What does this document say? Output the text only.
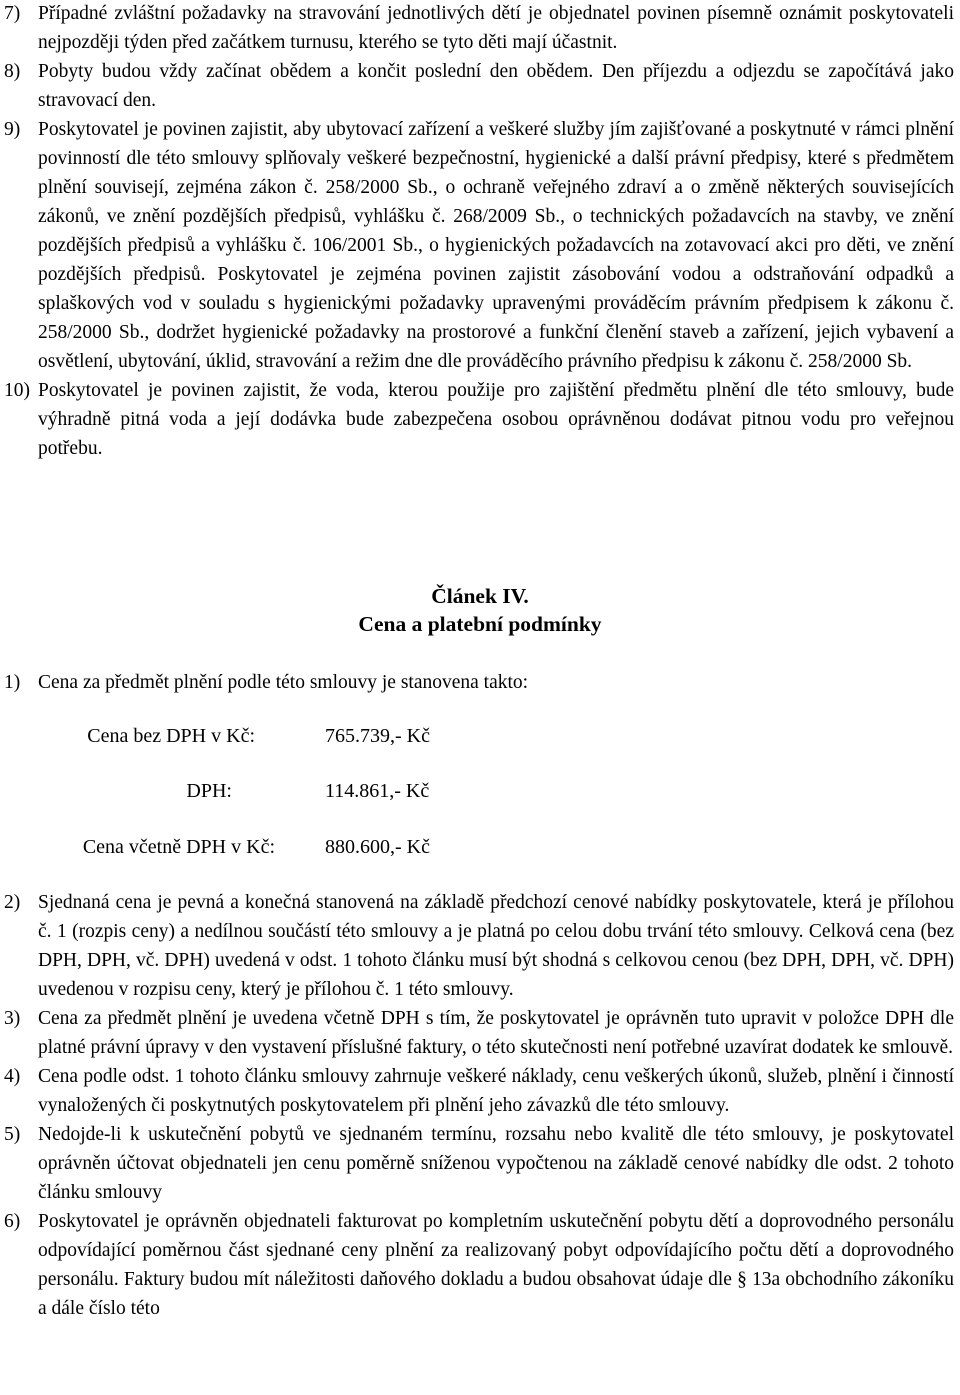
7) Případné zvláštní požadavky na stravování jednotlivých dětí je objednatel povinen písemně oznámit poskytovateli nejpozději týden před začátkem turnusu, kterého se tyto děti mají účastnit.
8) Pobyty budou vždy začínat obědem a končit poslední den obědem. Den příjezdu a odjezdu se započítává jako stravovací den.
9) Poskytovatel je povinen zajistit, aby ubytovací zařízení a veškeré služby jím zajišťované a poskytnuté v rámci plnění povinností dle této smlouvy splňovaly veškeré bezpečnostní, hygienické a další právní předpisy, které s předmětem plnění souvisejí, zejména zákon č. 258/2000 Sb., o ochraně veřejného zdraví a o změně některých souvisejících zákonů, ve znění pozdějších předpisů, vyhlášku č. 268/2009 Sb., o technických požadavcích na stavby, ve znění pozdějších předpisů a vyhlášku č. 106/2001 Sb., o hygienických požadavcích na zotavovací akci pro děti, ve znění pozdějších předpisů. Poskytovatel je zejména povinen zajistit zásobování vodou a odstraňování odpadků a splaškových vod v souladu s hygienickými požadavky upravenými prováděcím právním předpisem k zákonu č. 258/2000 Sb., dodržet hygienické požadavky na prostorové a funkční členění staveb a zařízení, jejich vybavení a osvětlení, ubytování, úklid, stravování a režim dne dle prováděcího právního předpisu k zákonu č. 258/2000 Sb.
10) Poskytovatel je povinen zajistit, že voda, kterou použije pro zajištění předmětu plnění dle této smlouvy, bude výhradně pitná voda a její dodávka bude zabezpečena osobou oprávněnou dodávat pitnou vodu pro veřejnou potřebu.
Článek IV.
Cena a platební podmínky
1) Cena za předmět plnění podle této smlouvy je stanovena takto:
Cena bez DPH v Kč:	765.739,- Kč
DPH:	114.861,- Kč
Cena včetně DPH v Kč:	880.600,- Kč
2) Sjednaná cena je pevná a konečná stanovená na základě předchozí cenové nabídky poskytovatele, která je přílohou č. 1 (rozpis ceny) a nedílnou součástí této smlouvy a je platná po celou dobu trvání této smlouvy. Celková cena (bez DPH, DPH, vč. DPH) uvedená v odst. 1 tohoto článku musí být shodná s celkovou cenou (bez DPH, DPH, vč. DPH) uvedenou v rozpisu ceny, který je přílohou č. 1 této smlouvy.
3) Cena za předmět plnění je uvedena včetně DPH s tím, že poskytovatel je oprávněn tuto upravit v položce DPH dle platné právní úpravy v den vystavení příslušné faktury, o této skutečnosti není potřebné uzavírat dodatek ke smlouvě.
4) Cena podle odst. 1 tohoto článku smlouvy zahrnuje veškeré náklady, cenu veškerých úkonů, služeb, plnění i činností vynaložených či poskytnutých poskytovatelem při plnění jeho závazků dle této smlouvy.
5) Nedojde-li k uskutečnění pobytů ve sjednaném termínu, rozsahu nebo kvalitě dle této smlouvy, je poskytovatel oprávněn účtovat objednateli jen cenu poměrně sníženou vypočtenou na základě cenové nabídky dle odst. 2 tohoto článku smlouvy
6) Poskytovatel je oprávněn objednateli fakturovat po kompletním uskutečnění pobytu dětí a doprovodného personálu odpovídající poměrnou část sjednané ceny plnění za realizovaný pobyt odpovídajícího počtu dětí a doprovodného personálu. Faktury budou mít náležitosti daňového dokladu a budou obsahovat údaje dle § 13a obchodního zákoníku a dále číslo této
